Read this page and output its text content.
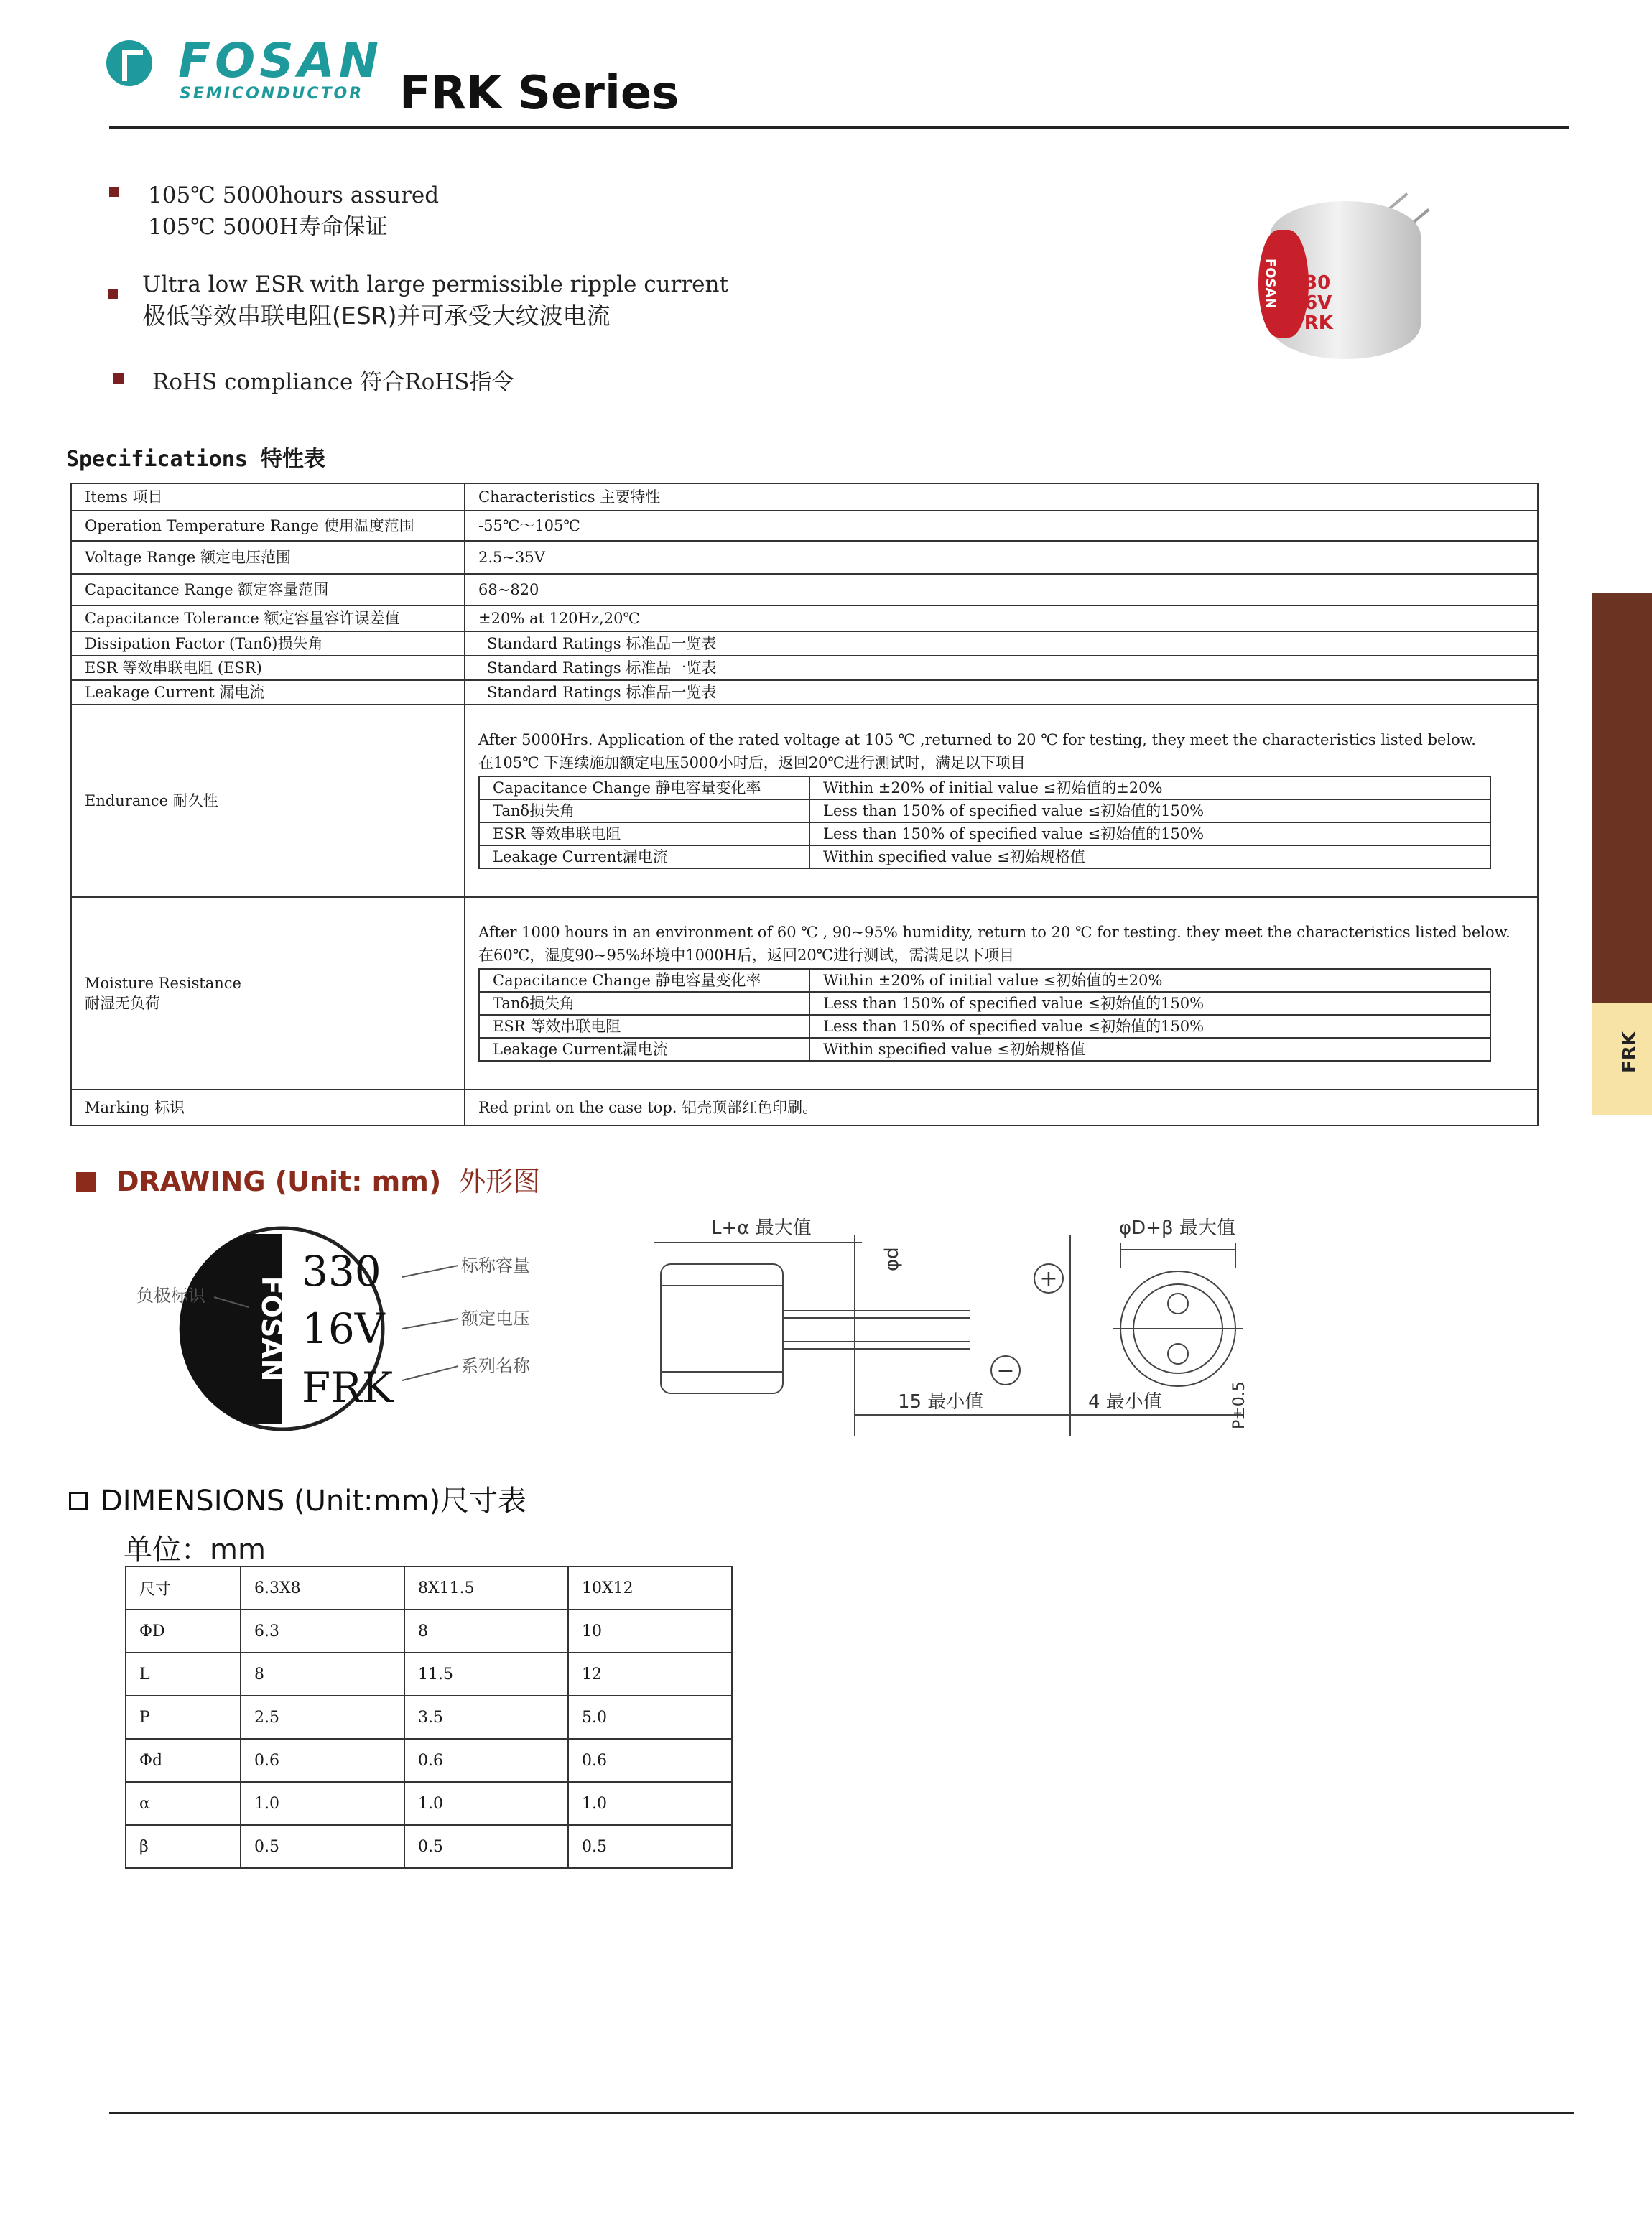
FOSAN
SEMICONDUCTOR FRK Series
105℃ 5000hours assured
105℃ 5000H寿命保证
Ultra low ESR with large permissible ripple current
极低等效串联电阻(ESR)并可承受大纹波电流
RoHS compliance 符合RoHS指令
FOSAN 330
16V
FRK
FRK
Specifications 特性表
Items 项目	Characteristics 主要特性
Operation Temperature Range 使用温度范围	-55℃～105℃
Voltage Range 额定电压范围	2.5~35V
Capacitance Range 额定容量范围	68~820
Capacitance Tolerance 额定容量容许误差值	±20% at 120Hz,20℃
Dissipation Factor (Tanδ)损失角	Standard Ratings 标准品一览表
ESR 等效串联电阻 (ESR)	Standard Ratings 标准品一览表
Leakage Current 漏电流	Standard Ratings 标准品一览表
Endurance 耐久性	
After 5000Hrs. Application of the rated voltage at 105 ℃ ,returned to 20 ℃ for testing, they meet the characteristics listed below.
在105℃ 下连续施加额定电压5000小时后，返回20℃进行测试时，满足以下项目
Capacitance Change 静电容量变化率	Within ±20% of initial value ≤初始值的±20%
Tanδ损失角	Less than 150% of specified value ≤初始值的150%
ESR 等效串联电阻	Less than 150% of specified value ≤初始值的150%
Leakage Current漏电流	Within specified value ≤初始规格值

Moisture Resistance
耐湿无负荷

After 1000 hours in an environment of 60 ℃ , 90~95% humidity, return to 20 ℃ for testing. they meet the characteristics listed below.
在60℃，湿度90~95%环境中1000H后，返回20℃进行测试，需满足以下项目
Capacitance Change 静电容量变化率	Within ±20% of initial value ≤初始值的±20%
Tanδ损失角	Less than 150% of specified value ≤初始值的150%
ESR 等效串联电阻	Less than 150% of specified value ≤初始值的150%
Leakage Current漏电流	Within specified value ≤初始规格值

Marking 标识	Red print on the case top. 铝壳顶部红色印刷。
DRAWING (Unit: mm) 外形图
FOSAN
330
16V
FRK
负极标识
标称容量
额定电压
系列名称
L+α 最大值
φd
15 最小值	4 最小值
+
−
φD+β 最大值
P±0.5
DIMENSIONS (Unit:mm)尺寸表
单位：mm
尺寸	6.3X8	8X11.5	10X12
ΦD	6.3	8	10
L	8	11.5	12
P	2.5	3.5	5.0
Φd	0.6	0.6	0.6
α	1.0	1.0	1.0
β	0.5	0.5	0.5
